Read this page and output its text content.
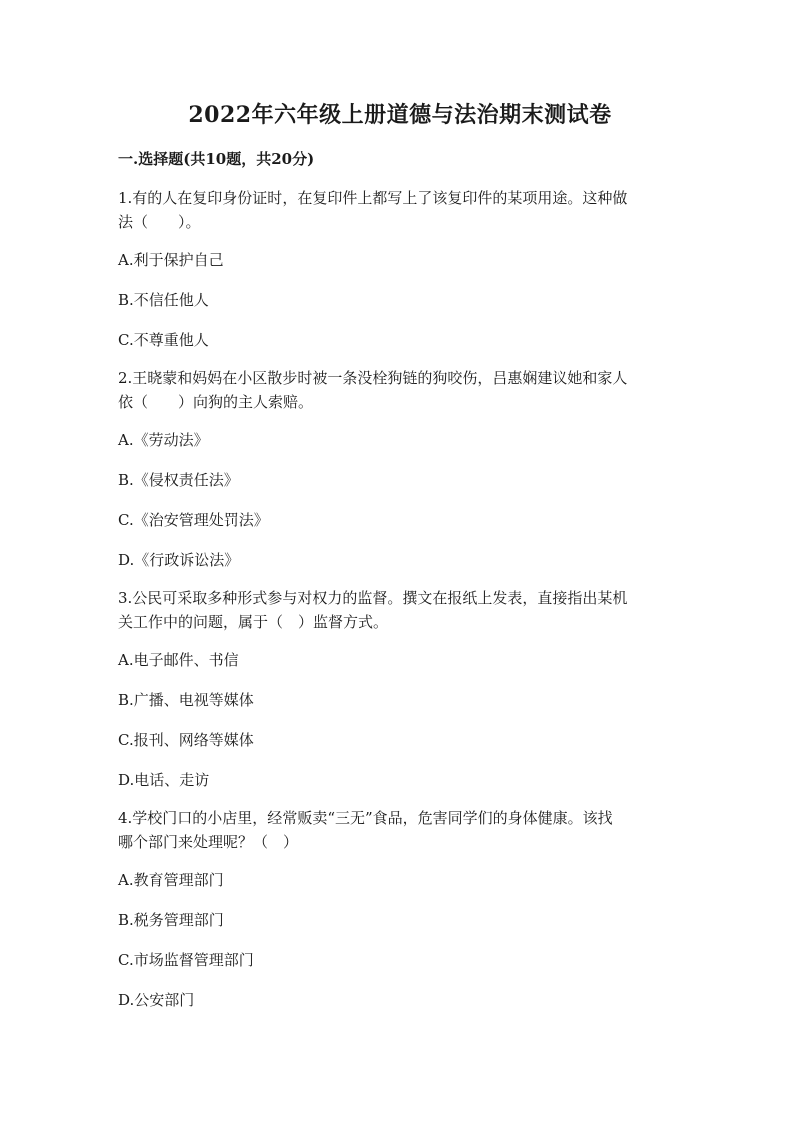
2022年六年级上册道德与法治期末测试卷
一.选择题(共10题，共20分)
1.有的人在复印身份证时，在复印件上都写上了该复印件的某项用途。这种做
法（　　）。
A.利于保护自己
B.不信任他人
C.不尊重他人
2.王晓蒙和妈妈在小区散步时被一条没栓狗链的狗咬伤，吕惠娴建议她和家人
依（　　）向狗的主人索赔。
A.《劳动法》
B.《侵权责任法》
C.《治安管理处罚法》
D.《行政诉讼法》
3.公民可采取多种形式参与对权力的监督。撰文在报纸上发表，直接指出某机
关工作中的问题，属于（　）监督方式。
A.电子邮件、书信
B.广播、电视等媒体
C.报刊、网络等媒体
D.电话、走访
4.学校门口的小店里，经常贩卖“三无”食品，危害同学们的身体健康。该找
哪个部门来处理呢？（　）
A.教育管理部门
B.税务管理部门
C.市场监督管理部门
D.公安部门
